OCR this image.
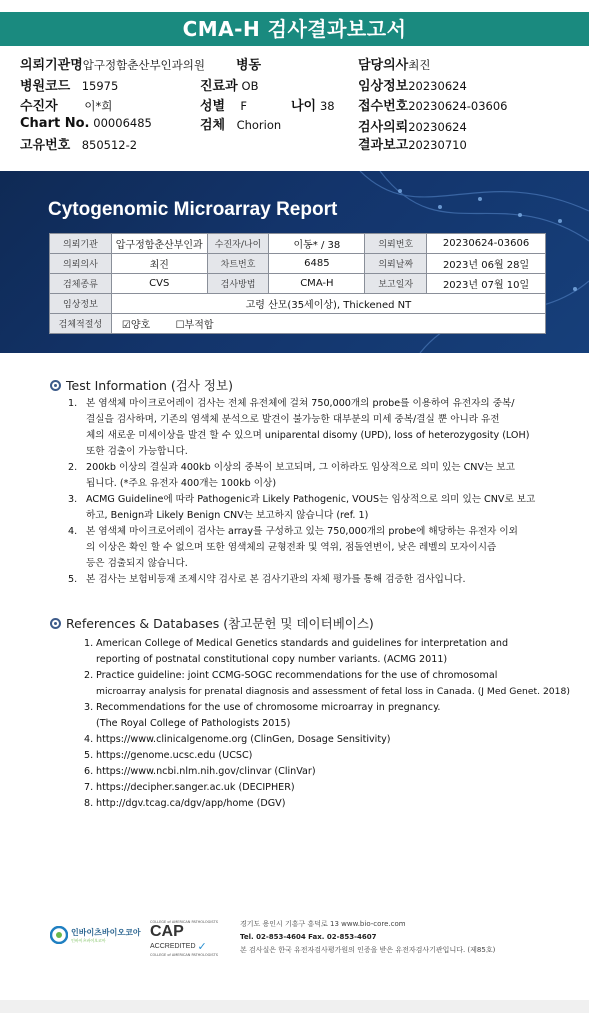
CMA-H 검사결과보고서
의뢰기관명압구정함춘산부인과의원 병동	담당의사최진
병원코드 15975	진료과 OB	임상정보20230624
수진자 이*희	성별 F	나이 38 접수번호20230624-03606
Chart No. 00006485	검체 Chorion	검사의뢰20230624
고유번호 850512-2	결과보고20230710
Cytogenomic Microarray Report
의뢰기관	압구정함춘산부인과	수진자/나이	이동* / 38	의뢰번호	20230624-03606
의뢰의사	최진	차트번호	6485	의뢰날짜	2023년 06월 28일
검체종류	CVS	검사방법	CMA-H	보고일자	2023년 07월 10일
임상정보	고령 산모(35세이상), Thickened NT				
검체적절성	☑양호 ☐부적합				
Test Information (검사 정보)
1. 본 염색체 마이크로어레이 검사는 전체 유전체에 걸쳐 750,000개의 probe를 이용하여 유전자의 중복/
결실을 검사하며, 기존의 염색체 분석으로 발견이 불가능한 대부분의 미세 중복/결실 뿐 아니라 유전
체의 새로운 미세이상을 발견 할 수 있으며 uniparental disomy (UPD), loss of heterozygosity (LOH)
또한 검출이 가능합니다.
2. 200kb 이상의 결실과 400kb 이상의 중복이 보고되며, 그 이하라도 임상적으로 의미 있는 CNV는 보고
됩니다. (*주요 유전자 400개는 100kb 이상)
3. ACMG Guideline에 따라 Pathogenic과 Likely Pathogenic, VOUS는 임상적으로 의미 있는 CNV로 보고
하고, Benign과 Likely Benign CNV는 보고하지 않습니다 (ref. 1)
4. 본 염색체 마이크로어레이 검사는 array를 구성하고 있는 750,000개의 probe에 해당하는 유전자 이외
의 이상은 확인 할 수 없으며 또한 염색체의 균형전좌 및 역위, 점돌연변이, 낮은 레벨의 모자이시즘
등은 검출되지 않습니다.
5. 본 검사는 보험비등재 조제시약 검사로 본 검사기관의 자체 평가를 통해 검증한 검사입니다.
References & Databases (참고문헌 및 데이터베이스)
1. American College of Medical Genetics standards and guidelines for interpretation and
reporting of postnatal constitutional copy number variants. (ACMG 2011)
2. Practice guideline: joint CCMG-SOGC recommendations for the use of chromosomal
microarray analysis for prenatal diagnosis and assessment of fetal loss in Canada. (J Med Genet. 2018)
3. Recommendations for the use of chromosome microarray in pregnancy.
(The Royal College of Pathologists 2015)
4. https://www.clinicalgenome.org (ClinGen, Dosage Sensitivity)
5. https://genome.ucsc.edu (UCSC)
6. https://www.ncbi.nlm.nih.gov/clinvar (ClinVar)
7. https://decipher.sanger.ac.uk (DECIPHER)
8. http://dgv.tcag.ca/dgv/app/home (DGV)
인바이츠바이오코아
인바이츠바이오코아
COLLEGE of AMERICAN PATHOLOGISTS
CAP
ACCREDITED ✓
COLLEGE of AMERICAN PATHOLOGISTS
경기도 용인시 기흥구 흥덕로 13 www.bio-core.com
Tel. 02-853-4604 Fax. 02-853-4607
본 검사실은 한국 유전자검사평가원의 인증을 받은 유전자검사기관입니다. (제85호)
